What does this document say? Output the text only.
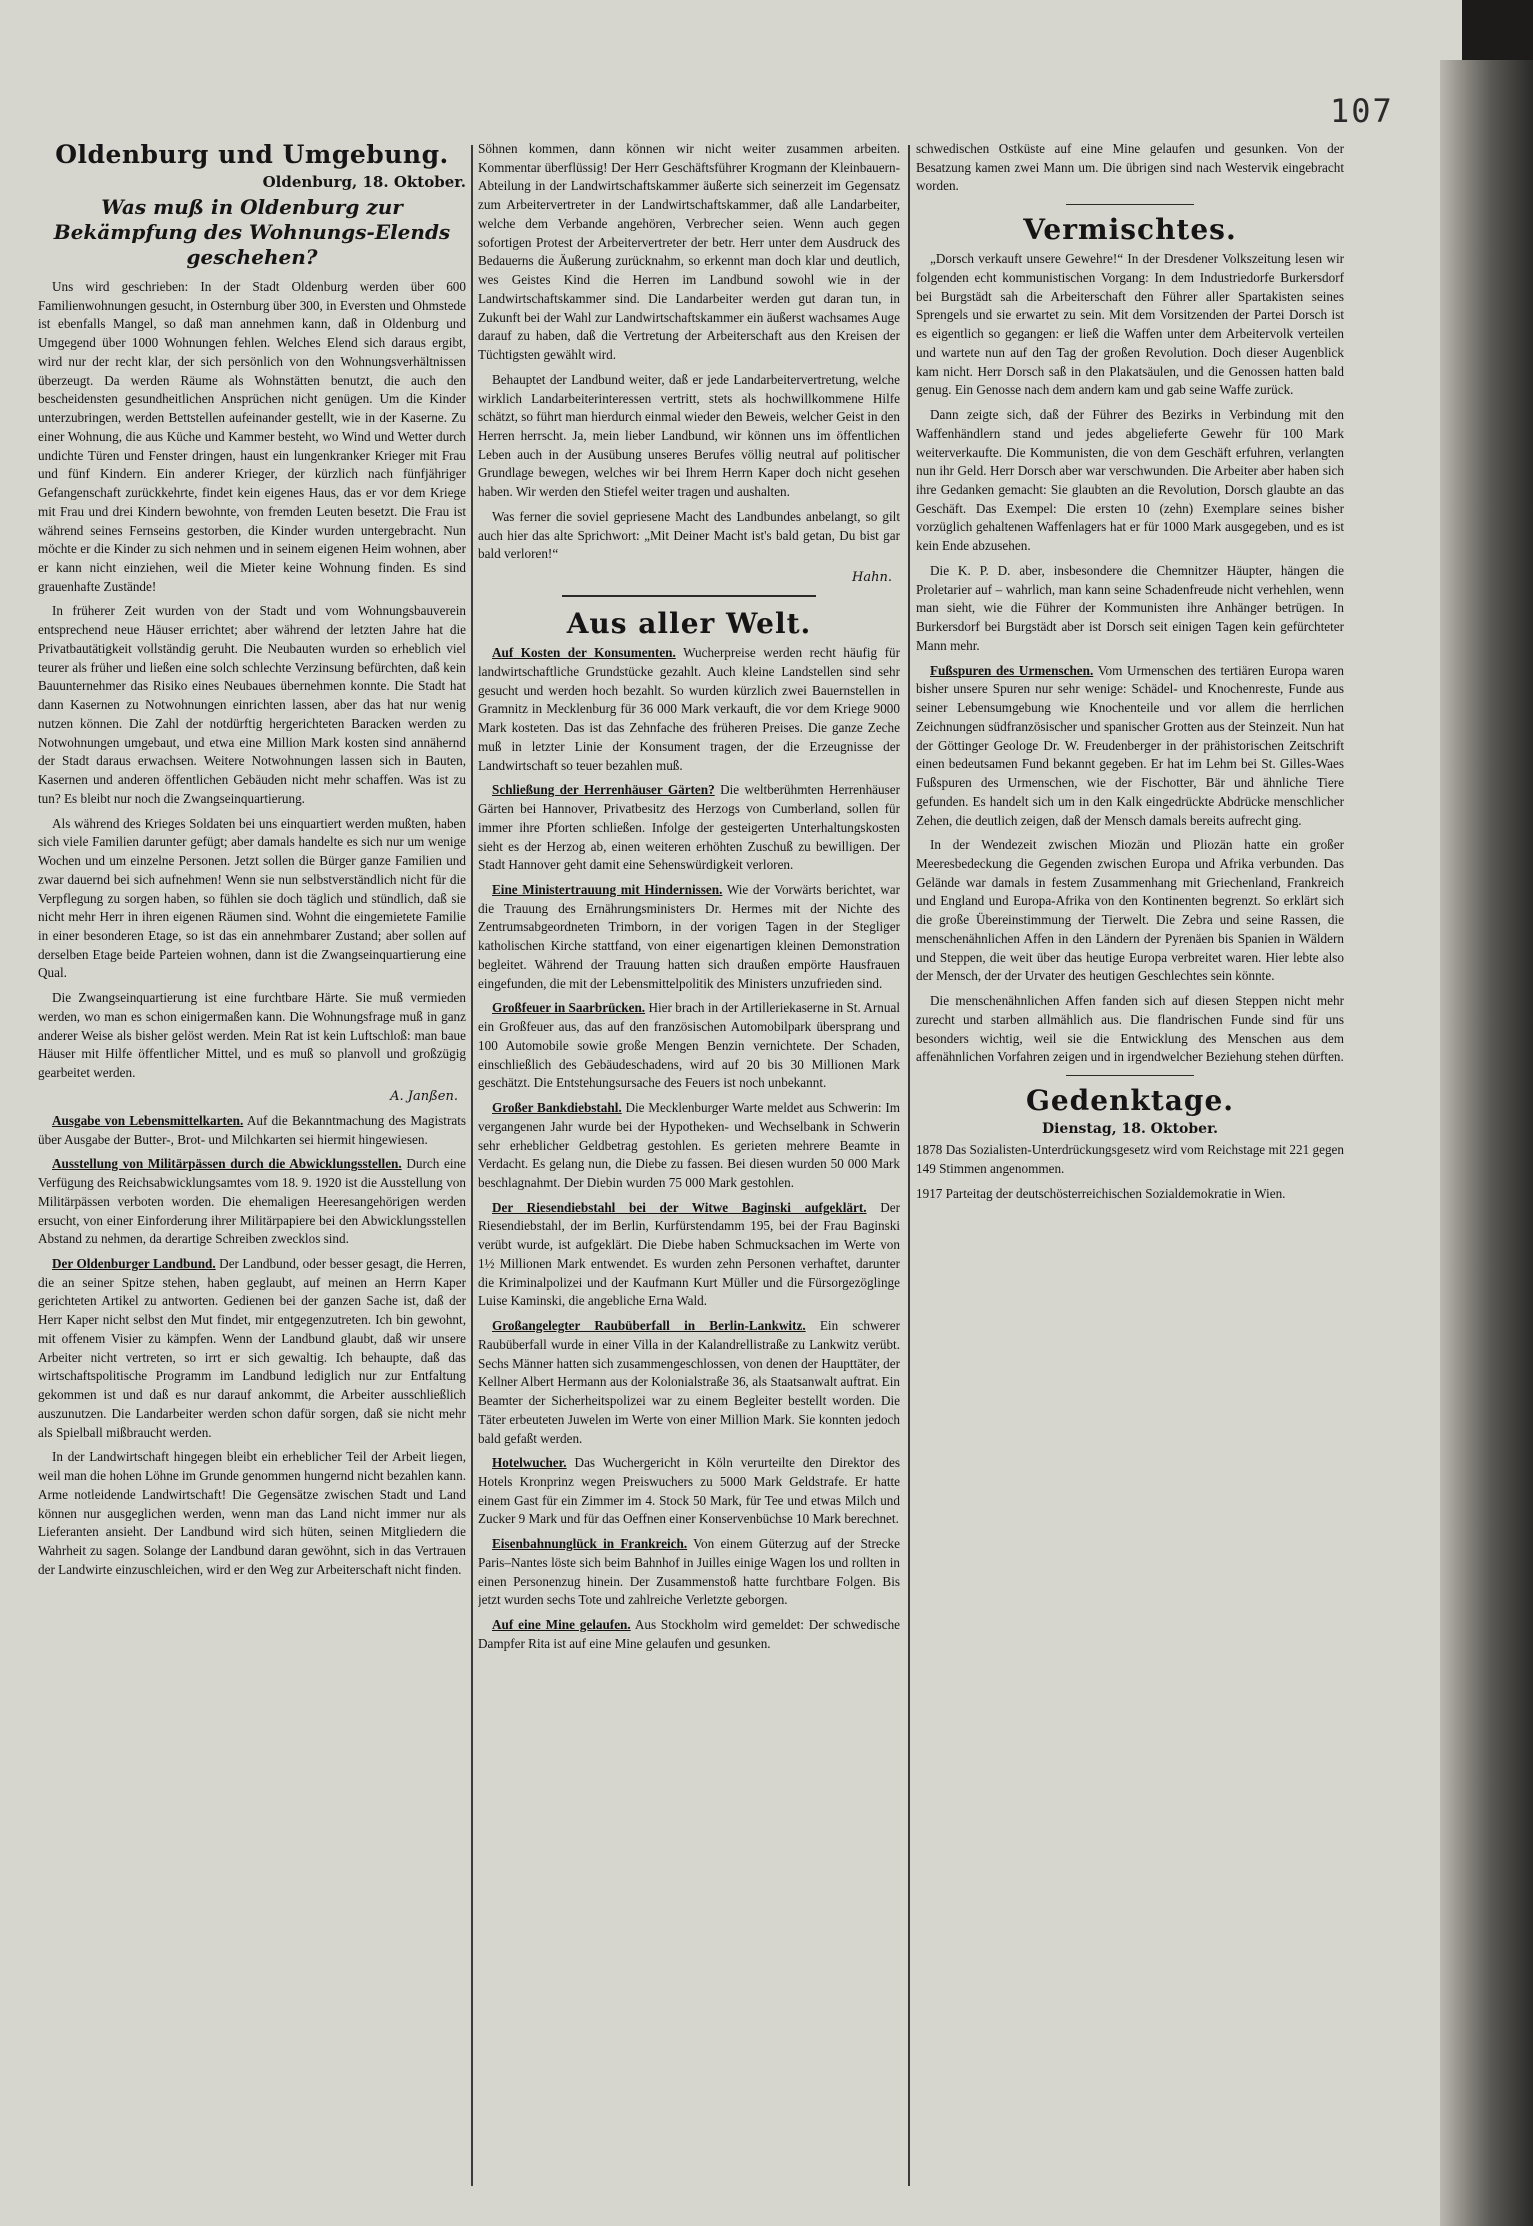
107
Oldenburg und Umgebung.
Oldenburg, 18. Oktober.
Was muß in Oldenburg zur Bekämpfung des Wohnungs-Elends geschehen?

Uns wird geschrieben: In der Stadt Oldenburg werden über 600 Familienwohnungen gesucht, in Osternburg über 300, in Eversten und Ohmstede ist ebenfalls Mangel, so daß man annehmen kann, daß in Oldenburg und Umgegend über 1000 Wohnungen fehlen. Welches Elend sich daraus ergibt, wird nur der recht klar, der sich persönlich von den Wohnungsverhältnissen überzeugt. Da werden Räume als Wohnstätten benutzt, die auch den bescheidensten gesundheitlichen Ansprüchen nicht genügen. Um die Kinder unterzubringen, werden Bettstellen aufeinander gestellt, wie in der Kaserne. Zu einer Wohnung, die aus Küche und Kammer besteht, wo Wind und Wetter durch undichte Türen und Fenster dringen, haust ein lungenkranker Krieger mit Frau und fünf Kindern. Ein anderer Krieger, der kürzlich nach fünfjähriger Gefangenschaft zurückkehrte, findet kein eigenes Haus, das er vor dem Kriege mit Frau und drei Kindern bewohnte, von fremden Leuten besetzt. Die Frau ist während seines Fernseins gestorben, die Kinder wurden untergebracht. Nun möchte er die Kinder zu sich nehmen und in seinem eigenen Heim wohnen, aber er kann nicht einziehen, weil die Mieter keine Wohnung finden. Es sind grauenhafte Zustände!

In früherer Zeit wurden von der Stadt und vom Wohnungsbauverein entsprechend neue Häuser errichtet; aber während der letzten Jahre hat die Privatbautätigkeit vollständig geruht. Die Neubauten wurden so erheblich viel teurer als früher und ließen eine solch schlechte Verzinsung befürchten, daß kein Bauunternehmer das Risiko eines Neubaues übernehmen konnte. Die Stadt hat dann Kasernen zu Notwohnungen einrichten lassen, aber das hat nur wenig nutzen können. Die Zahl der notdürftig hergerichteten Baracken werden zu Notwohnungen umgebaut, und etwa eine Million Mark kosten sind annähernd der Stadt daraus erwachsen. Weitere Notwohnungen lassen sich in Bauten, Kasernen und anderen öffentlichen Gebäuden nicht mehr schaffen. Was ist zu tun? Es bleibt nur noch die Zwangseinquartierung.

Als während des Krieges Soldaten bei uns einquartiert werden mußten, haben sich viele Familien darunter gefügt; aber damals handelte es sich nur um wenige Wochen und um einzelne Personen. Jetzt sollen die Bürger ganze Familien und zwar dauernd bei sich aufnehmen! Wenn sie nun selbstverständlich nicht für die Verpflegung zu sorgen haben, so fühlen sie doch täglich und stündlich, daß sie nicht mehr Herr in ihren eigenen Räumen sind. Wohnt die eingemietete Familie in einer besonderen Etage, so ist das ein annehmbarer Zustand; aber sollen auf derselben Etage beide Parteien wohnen, dann ist die Zwangseinquartierung eine Qual.

Die Zwangseinquartierung ist eine furchtbare Härte. Sie muß vermieden werden, wo man es schon einigermaßen kann. Die Wohnungsfrage muß in ganz anderer Weise als bisher gelöst werden. Mein Rat ist kein Luftschloß: man baue Häuser mit Hilfe öffentlicher Mittel, und es muß so planvoll und großzügig gearbeitet werden.

A. Janßen.

Ausgabe von Lebensmittelkarten. Auf die Bekanntmachung des Magistrats über Ausgabe der Butter-, Brot- und Milchkarten sei hiermit hingewiesen.

Ausstellung von Militärpässen durch die Abwicklungsstellen. Durch eine Verfügung des Reichsabwicklungsamtes vom 18. 9. 1920 ist die Ausstellung von Militärpässen verboten worden. Die ehemaligen Heeresangehörigen werden ersucht, von einer Einforderung ihrer Militärpapiere bei den Abwicklungsstellen Abstand zu nehmen, da derartige Schreiben zwecklos sind.

Der Oldenburger Landbund. Der Landbund, oder besser gesagt, die Herren, die an seiner Spitze stehen, haben geglaubt, auf meinen an Herrn Kaper gerichteten Artikel zu antworten. Gedienen bei der ganzen Sache ist, daß der Herr Kaper nicht selbst den Mut findet, mir entgegenzutreten. Ich bin gewohnt, mit offenem Visier zu kämpfen. Wenn der Landbund glaubt, daß wir unsere Arbeiter nicht vertreten, so irrt er sich gewaltig. Ich behaupte, daß das wirtschaftspolitische Programm im Landbund lediglich nur zur Entfaltung gekommen ist und daß es nur darauf ankommt, die Arbeiter ausschließlich auszunutzen. Die Landarbeiter werden schon dafür sorgen, daß sie nicht mehr als Spielball mißbraucht werden.

In der Landwirtschaft hingegen bleibt ein erheblicher Teil der Arbeit liegen, weil man die hohen Löhne im Grunde genommen hungernd nicht bezahlen kann. Arme notleidende Landwirtschaft! Die Gegensätze zwischen Stadt und Land können nur ausgeglichen werden, wenn man das Land nicht immer nur als Lieferanten ansieht. Der Landbund wird sich hüten, seinen Mitgliedern die Wahrheit zu sagen. Solange der Landbund daran gewöhnt, sich in das Vertrauen der Landwirte einzuschleichen, wird er den Weg zur Arbeiterschaft nicht finden.

Söhnen kommen, dann können wir nicht weiter zusammen arbeiten. Kommentar überflüssig! Der Herr Geschäftsführer Krogmann der Kleinbauern-Abteilung in der Landwirtschaftskammer äußerte sich seinerzeit im Gegensatz zum Arbeitervertreter in der Landwirtschaftskammer, daß alle Landarbeiter, welche dem Verbande angehören, Verbrecher seien. Wenn auch gegen sofortigen Protest der Arbeitervertreter der betr. Herr unter dem Ausdruck des Bedauerns die Äußerung zurücknahm, so erkennt man doch klar und deutlich, wes Geistes Kind die Herren im Landbund sowohl wie in der Landwirtschaftskammer sind. Die Landarbeiter werden gut daran tun, in Zukunft bei der Wahl zur Landwirtschaftskammer ein äußerst wachsames Auge darauf zu haben, daß die Vertretung der Arbeiterschaft aus den Kreisen der Tüchtigsten gewählt wird.

Behauptet der Landbund weiter, daß er jede Landarbeitervertretung, welche wirklich Landarbeiterinteressen vertritt, stets als hochwillkommene Hilfe schätzt, so führt man hierdurch einmal wieder den Beweis, welcher Geist in den Herren herrscht. Ja, mein lieber Landbund, wir können uns im öffentlichen Leben auch in der Ausübung unseres Berufes völlig neutral auf politischer Grundlage bewegen, welches wir bei Ihrem Herrn Kaper doch nicht gesehen haben. Wir werden den Stiefel weiter tragen und aushalten.

Was ferner die soviel gepriesene Macht des Landbundes anbelangt, so gilt auch hier das alte Sprichwort: „Mit Deiner Macht ist's bald getan, Du bist gar bald verloren!“

Hahn.
Aus aller Welt.

Auf Kosten der Konsumenten. Wucherpreise werden recht häufig für landwirtschaftliche Grundstücke gezahlt. Auch kleine Landstellen sind sehr gesucht und werden hoch bezahlt. So wurden kürzlich zwei Bauernstellen in Gramnitz in Mecklenburg für 36 000 Mark verkauft, die vor dem Kriege 9000 Mark kosteten. Das ist das Zehnfache des früheren Preises. Die ganze Zeche muß in letzter Linie der Konsument tragen, der die Erzeugnisse der Landwirtschaft so teuer bezahlen muß.

Schließung der Herrenhäuser Gärten? Die weltberühmten Herrenhäuser Gärten bei Hannover, Privatbesitz des Herzogs von Cumberland, sollen für immer ihre Pforten schließen. Infolge der gesteigerten Unterhaltungskosten sieht es der Herzog ab, einen weiteren erhöhten Zuschuß zu bewilligen. Der Stadt Hannover geht damit eine Sehenswürdigkeit verloren.

Eine Ministertrauung mit Hindernissen. Wie der Vorwärts berichtet, war die Trauung des Ernährungsministers Dr. Hermes mit der Nichte des Zentrumsabgeordneten Trimborn, in der vorigen Tagen in der Stegliger katholischen Kirche stattfand, von einer eigenartigen kleinen Demonstration begleitet. Während der Trauung hatten sich draußen empörte Hausfrauen eingefunden, die mit der Lebensmittelpolitik des Ministers unzufrieden sind.

Großfeuer in Saarbrücken. Hier brach in der Artilleriekaserne in St. Arnual ein Großfeuer aus, das auf den französischen Automobilpark übersprang und 100 Automobile sowie große Mengen Benzin vernichtete. Der Schaden, einschließlich des Gebäudeschadens, wird auf 20 bis 30 Millionen Mark geschätzt. Die Entstehungsursache des Feuers ist noch unbekannt.

Großer Bankdiebstahl. Die Mecklenburger Warte meldet aus Schwerin: Im vergangenen Jahr wurde bei der Hypotheken- und Wechselbank in Schwerin sehr erheblicher Geldbetrag gestohlen. Es gerieten mehrere Beamte in Verdacht. Es gelang nun, die Diebe zu fassen. Bei diesen wurden 50 000 Mark beschlagnahmt. Der Diebin wurden 75 000 Mark gestohlen.

Der Riesendiebstahl bei der Witwe Baginski aufgeklärt. Der Riesendiebstahl, der im Berlin, Kurfürstendamm 195, bei der Frau Baginski verübt wurde, ist aufgeklärt. Die Diebe haben Schmucksachen im Werte von 1½ Millionen Mark entwendet. Es wurden zehn Personen verhaftet, darunter die Kriminalpolizei und der Kaufmann Kurt Müller und die Fürsorgezöglinge Luise Kaminski, die angebliche Erna Wald.

Großangelegter Raubüberfall in Berlin-Lankwitz. Ein schwerer Raubüberfall wurde in einer Villa in der Kalandrellistraße zu Lankwitz verübt. Sechs Männer hatten sich zusammengeschlossen, von denen der Haupttäter, der Kellner Albert Hermann aus der Kolonialstraße 36, als Staatsanwalt auftrat. Ein Beamter der Sicherheitspolizei war zu einem Begleiter bestellt worden. Die Täter erbeuteten Juwelen im Werte von einer Million Mark. Sie konnten jedoch bald gefaßt werden.

Hotelwucher. Das Wuchergericht in Köln verurteilte den Direktor des Hotels Kronprinz wegen Preiswuchers zu 5000 Mark Geldstrafe. Er hatte einem Gast für ein Zimmer im 4. Stock 50 Mark, für Tee und etwas Milch und Zucker 9 Mark und für das Oeffnen einer Konservenbüchse 10 Mark berechnet.

Eisenbahnunglück in Frankreich. Von einem Güterzug auf der Strecke Paris–Nantes löste sich beim Bahnhof in Juilles einige Wagen los und rollten in einen Personenzug hinein. Der Zusammenstoß hatte furchtbare Folgen. Bis jetzt wurden sechs Tote und zahlreiche Verletzte geborgen.

Auf eine Mine gelaufen. Aus Stockholm wird gemeldet: Der schwedische Dampfer Rita ist auf eine Mine gelaufen und gesunken.

schwedischen Ostküste auf eine Mine gelaufen und gesunken. Von der Besatzung kamen zwei Mann um. Die übrigen sind nach Westervik eingebracht worden.

Vermischtes.

„Dorsch verkauft unsere Gewehre!“ In der Dresdener Volkszeitung lesen wir folgenden echt kommunistischen Vorgang: In dem Industriedorfe Burkersdorf bei Burgstädt sah die Arbeiterschaft den Führer aller Spartakisten seines Sprengels und sie erwartet zu sein. Mit dem Vorsitzenden der Partei Dorsch ist es eigentlich so gegangen: er ließ die Waffen unter dem Arbeitervolk verteilen und wartete nun auf den Tag der großen Revolution. Doch dieser Augenblick kam nicht. Herr Dorsch saß in den Plakatsäulen, und die Genossen hatten bald genug. Ein Genosse nach dem andern kam und gab seine Waffe zurück.

Dann zeigte sich, daß der Führer des Bezirks in Verbindung mit den Waffenhändlern stand und jedes abgelieferte Gewehr für 100 Mark weiterverkaufte. Die Kommunisten, die von dem Geschäft erfuhren, verlangten nun ihr Geld. Herr Dorsch aber war verschwunden. Die Arbeiter aber haben sich ihre Gedanken gemacht: Sie glaubten an die Revolution, Dorsch glaubte an das Geschäft. Das Exempel: Die ersten 10 (zehn) Exemplare seines bisher vorzüglich gehaltenen Waffenlagers hat er für 1000 Mark ausgegeben, und es ist kein Ende abzusehen.

Die K. P. D. aber, insbesondere die Chemnitzer Häupter, hängen die Proletarier auf – wahrlich, man kann seine Schadenfreude nicht verhehlen, wenn man sieht, wie die Führer der Kommunisten ihre Anhänger betrügen. In Burkersdorf bei Burgstädt aber ist Dorsch seit einigen Tagen kein gefürchteter Mann mehr.

Fußspuren des Urmenschen. Vom Urmenschen des tertiären Europa waren bisher unsere Spuren nur sehr wenige: Schädel- und Knochenreste, Funde aus seiner Lebensumgebung wie Knochenteile und vor allem die herrlichen Zeichnungen südfranzösischer und spanischer Grotten aus der Steinzeit. Nun hat der Göttinger Geologe Dr. W. Freudenberger in der prähistorischen Zeitschrift einen bedeutsamen Fund bekannt gegeben. Er hat im Lehm bei St. Gilles-Waes Fußspuren des Urmenschen, wie der Fischotter, Bär und ähnliche Tiere gefunden. Es handelt sich um in den Kalk eingedrückte Abdrücke menschlicher Zehen, die deutlich zeigen, daß der Mensch damals bereits aufrecht ging.

In der Wendezeit zwischen Miozän und Pliozän hatte ein großer Meeresbedeckung die Gegenden zwischen Europa und Afrika verbunden. Das Gelände war damals in festem Zusammenhang mit Griechenland, Frankreich und England und Europa-Afrika von den Kontinenten begrenzt. So erklärt sich die große Übereinstimmung der Tierwelt. Die Zebra und seine Rassen, die menschenähnlichen Affen in den Ländern der Pyrenäen bis Spanien in Wäldern und Steppen, die weit über das heutige Europa verbreitet waren. Hier lebte also der Mensch, der der Urvater des heutigen Geschlechtes sein könnte.

Die menschenähnlichen Affen fanden sich auf diesen Steppen nicht mehr zurecht und starben allmählich aus. Die flandrischen Funde sind für uns besonders wichtig, weil sie die Entwicklung des Menschen aus dem affenähnlichen Vorfahren zeigen und in irgendwelcher Beziehung stehen dürften.

Gedenktage.
Dienstag, 18. Oktober.

1878 Das Sozialisten-Unterdrückungsgesetz wird vom Reichstage mit 221 gegen 149 Stimmen angenommen.

1917 Parteitag der deutschösterreichischen Sozialdemokratie in Wien.
